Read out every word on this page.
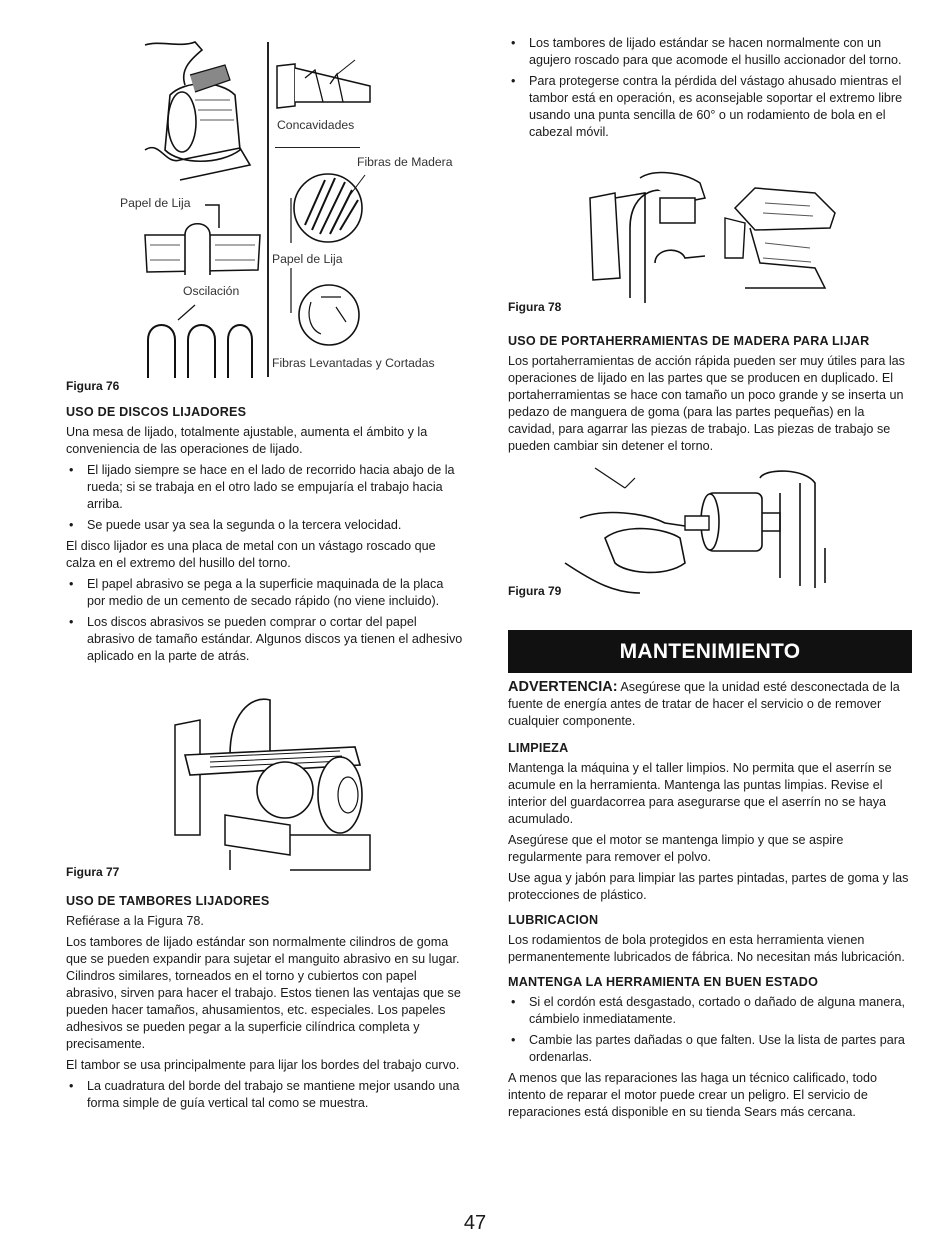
Concavidades
Fibras de Madera
Papel de Lija
Papel de Lija
Oscilación
Fibras Levantadas y Cortadas
Figura 76
USO DE DISCOS LIJADORES

Una mesa de lijado, totalmente ajustable, aumenta el ámbito y la conveniencia de las operaciones de lijado.

• El lijado siempre se hace en el lado de recorrido hacia abajo de la rueda; si se trabaja en el otro lado se empujaría el trabajo hacia arriba.
• Se puede usar ya sea la segunda o la tercera velocidad.

El disco lijador es una placa de metal con un vástago roscado que calza en el extremo del husillo del torno.

• El papel abrasivo se pega a la superficie maquinada de la placa por medio de un cemento de secado rápido (no viene incluido).
• Los discos abrasivos se pueden comprar o cortar del papel abrasivo de tamaño estándar. Algunos discos ya tienen el adhesivo aplicado en la parte de atrás.
Figura 77
USO DE TAMBORES LIJADORES

Refiérase a la Figura 78.

Los tambores de lijado estándar son normalmente cilindros de goma que se pueden expandir para sujetar el manguito abrasivo en su lugar. Cilindros similares, torneados en el torno y cubiertos con papel abrasivo, sirven para hacer el trabajo. Estos tienen las ventajas que se pueden hacer tamaños, ahusamientos, etc. especiales. Los papeles adhesivos se pueden pegar a la superficie cilíndrica completa y precisamente.

El tambor se usa principalmente para lijar los bordes del trabajo curvo.

• La cuadratura del borde del trabajo se mantiene mejor usando una forma simple de guía vertical tal como se muestra.
• Los tambores de lijado estándar se hacen normalmente con un agujero roscado para que acomode el husillo accionador del torno.
• Para protegerse contra la pérdida del vástago ahusado mientras el tambor está en operación, es aconsejable soportar el extremo libre usando una punta sencilla de 60° o un rodamiento de bola en el cabezal móvil.
Figura 78
USO DE PORTAHERRAMIENTAS DE MADERA PARA LIJAR

Los portaherramientas de acción rápida pueden ser muy útiles para las operaciones de lijado en las partes que se producen en duplicado. El portaherramientas se hace con tamaño un poco grande y se inserta un pedazo de manguera de goma (para las partes pequeñas) en la cavidad, para agarrar las piezas de trabajo. Las piezas de trabajo se pueden cambiar sin detener el torno.

Figura 79
MANTENIMIENTO

ADVERTENCIA: Asegúrese que la unidad esté desconectada de la fuente de energía antes de tratar de hacer el servicio o de remover cualquier componente.

LIMPIEZA

Mantenga la máquina y el taller limpios. No permita que el aserrín se acumule en la herramienta. Mantenga las puntas limpias. Revise el interior del guardacorrea para asegurarse que el aserrín no se haya acumulado.

Asegúrese que el motor se mantenga limpio y que se aspire regularmente para remover el polvo.

Use agua y jabón para limpiar las partes pintadas, partes de goma y las protecciones de plástico.

LUBRICACION

Los rodamientos de bola protegidos en esta herramienta vienen permanentemente lubricados de fábrica. No necesitan más lubricación.

MANTENGA LA HERRAMIENTA EN BUEN ESTADO
• Si el cordón está desgastado, cortado o dañado de alguna manera, cámbielo inmediatamente.
• Cambie las partes dañadas o que falten. Use la lista de partes para ordenarlas.

A menos que las reparaciones las haga un técnico calificado, todo intento de reparar el motor puede crear un peligro. El servicio de reparaciones está disponible en su tienda Sears más cercana.

47
